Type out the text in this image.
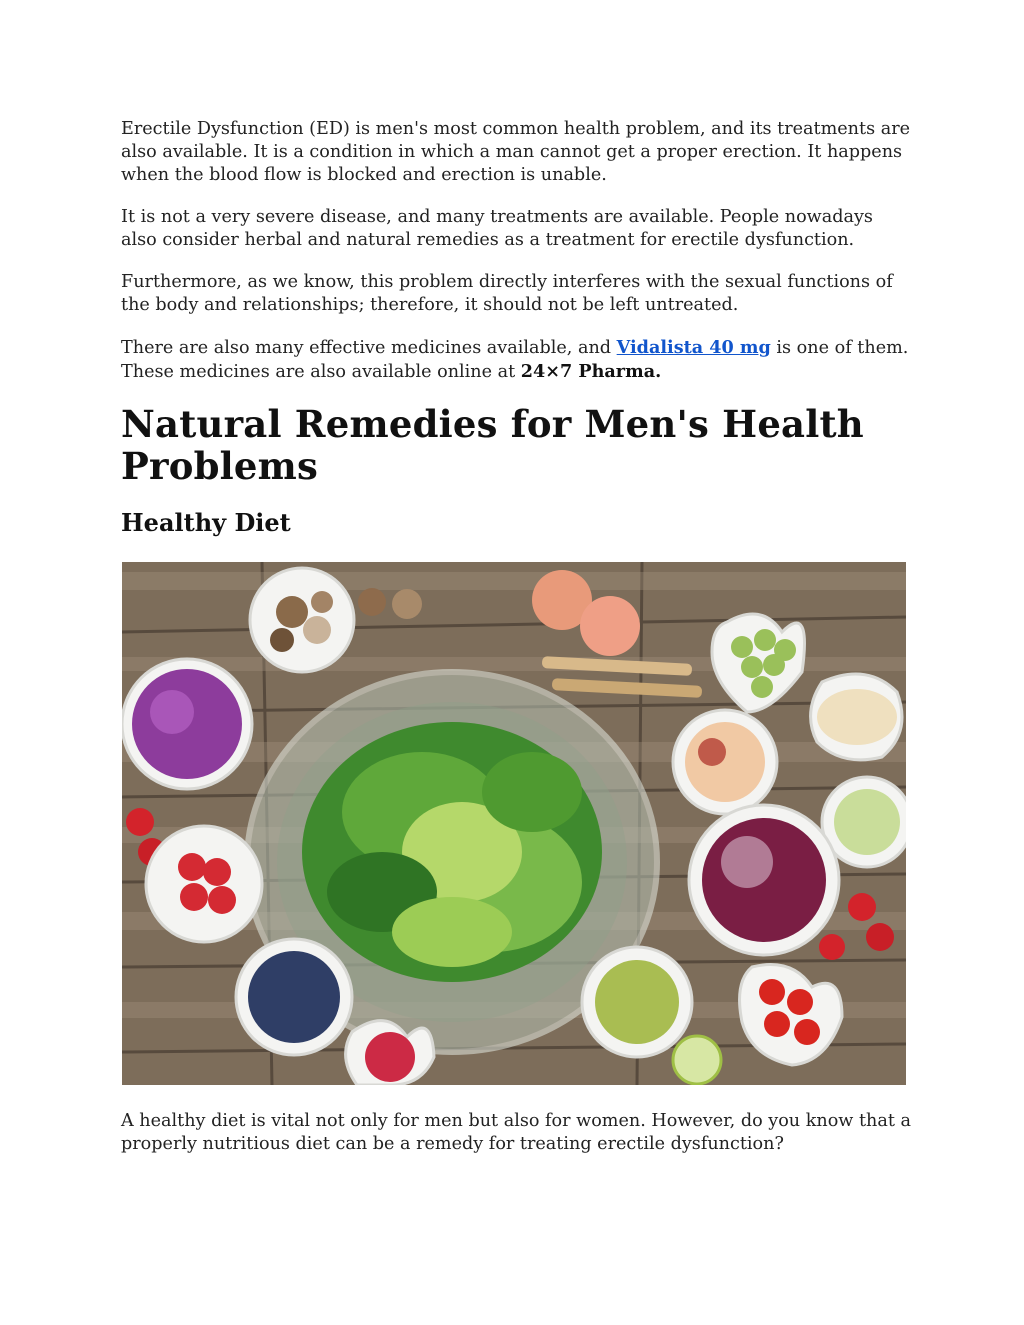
Erectile Dysfunction (ED) is men's most common health problem, and its treatments are also available. It is a condition in which a man cannot get a proper erection. It happens when the blood flow is blocked and erection is unable.

It is not a very severe disease, and many treatments are available. People nowadays also consider herbal and natural remedies as a treatment for erectile dysfunction.

Furthermore, as we know, this problem directly interferes with the sexual functions of the body and relationships; therefore, it should not be left untreated.

There are also many effective medicines available, and Vidalista 40 mg is one of them. These medicines are also available online at 24×7 Pharma.

Natural Remedies for Men's Health Problems
Healthy Diet

A healthy diet is vital not only for men but also for women. However, do you know that a properly nutritious diet can be a remedy for treating erectile dysfunction?
